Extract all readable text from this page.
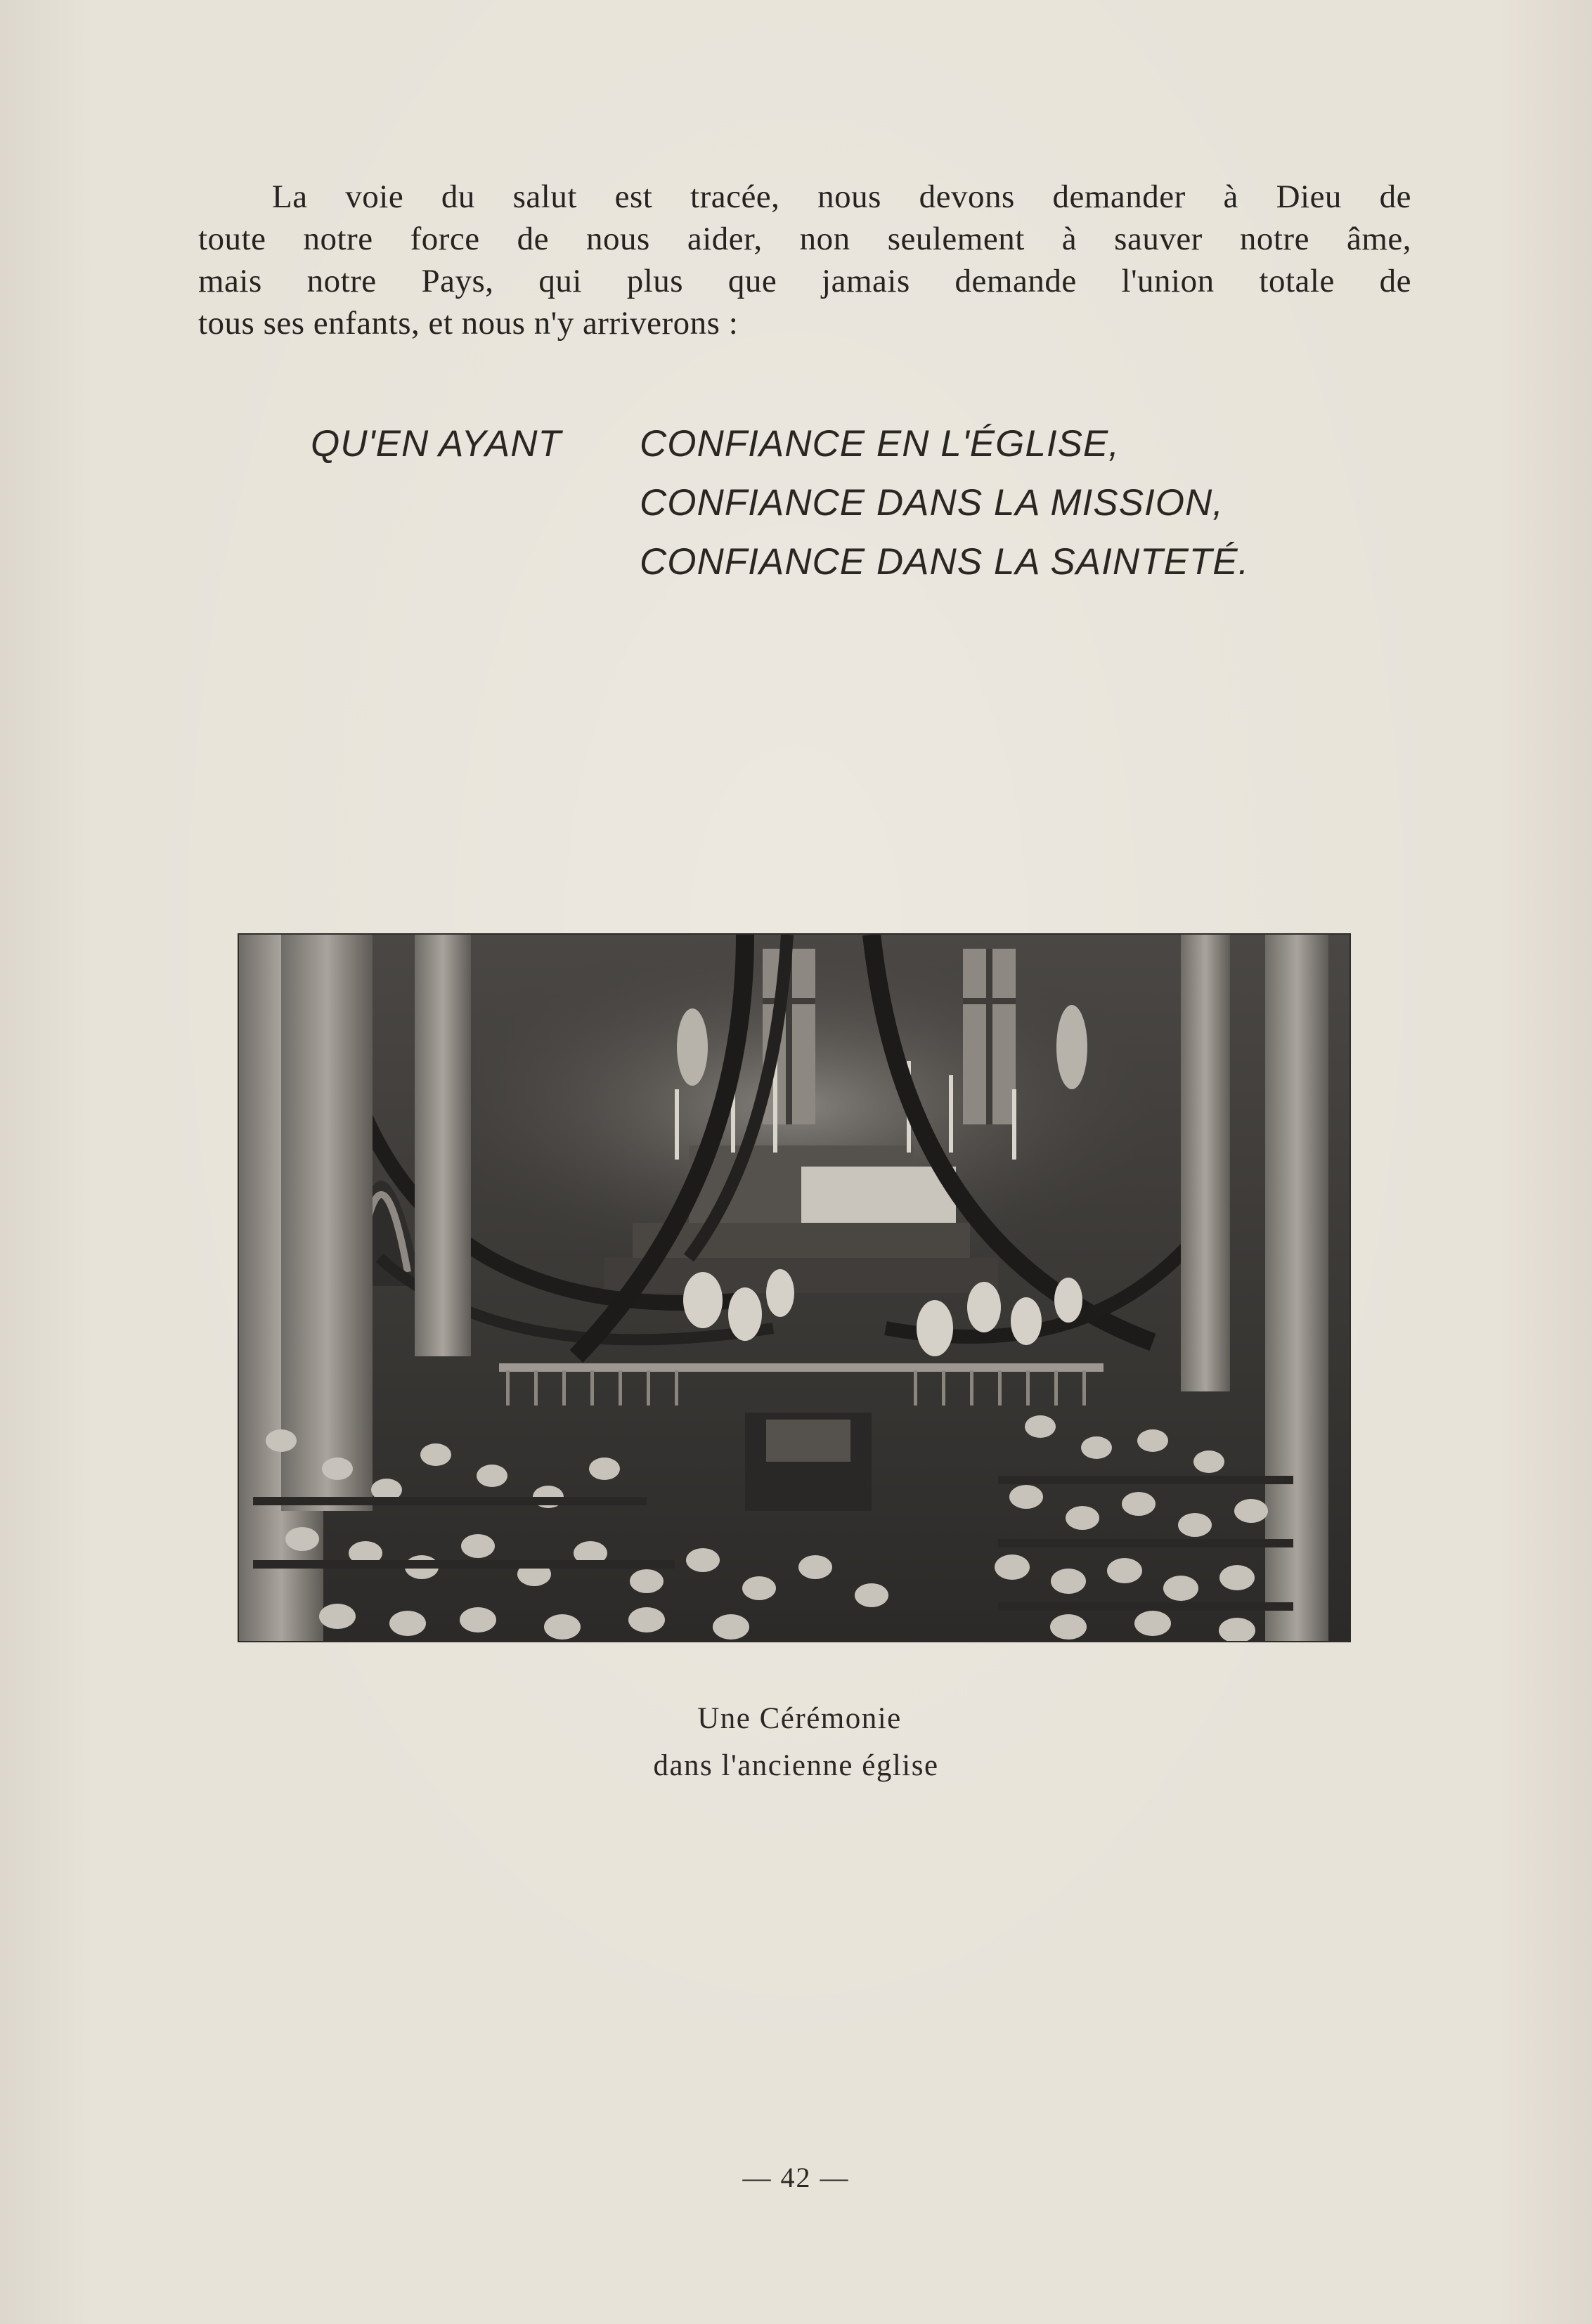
La voie du salut est tracée, nous devons demander à Dieu de
toute notre force de nous aider, non seulement à sauver notre âme,
mais notre Pays, qui plus que jamais demande l'union totale de
tous ses enfants, et nous n'y arriverons :
QU'EN AYANT CONFIANCE EN L'ÉGLISE,
CONFIANCE DANS LA MISSION,
CONFIANCE DANS LA SAINTETÉ.
Une Cérémonie
dans l'ancienne église
— 42 —
